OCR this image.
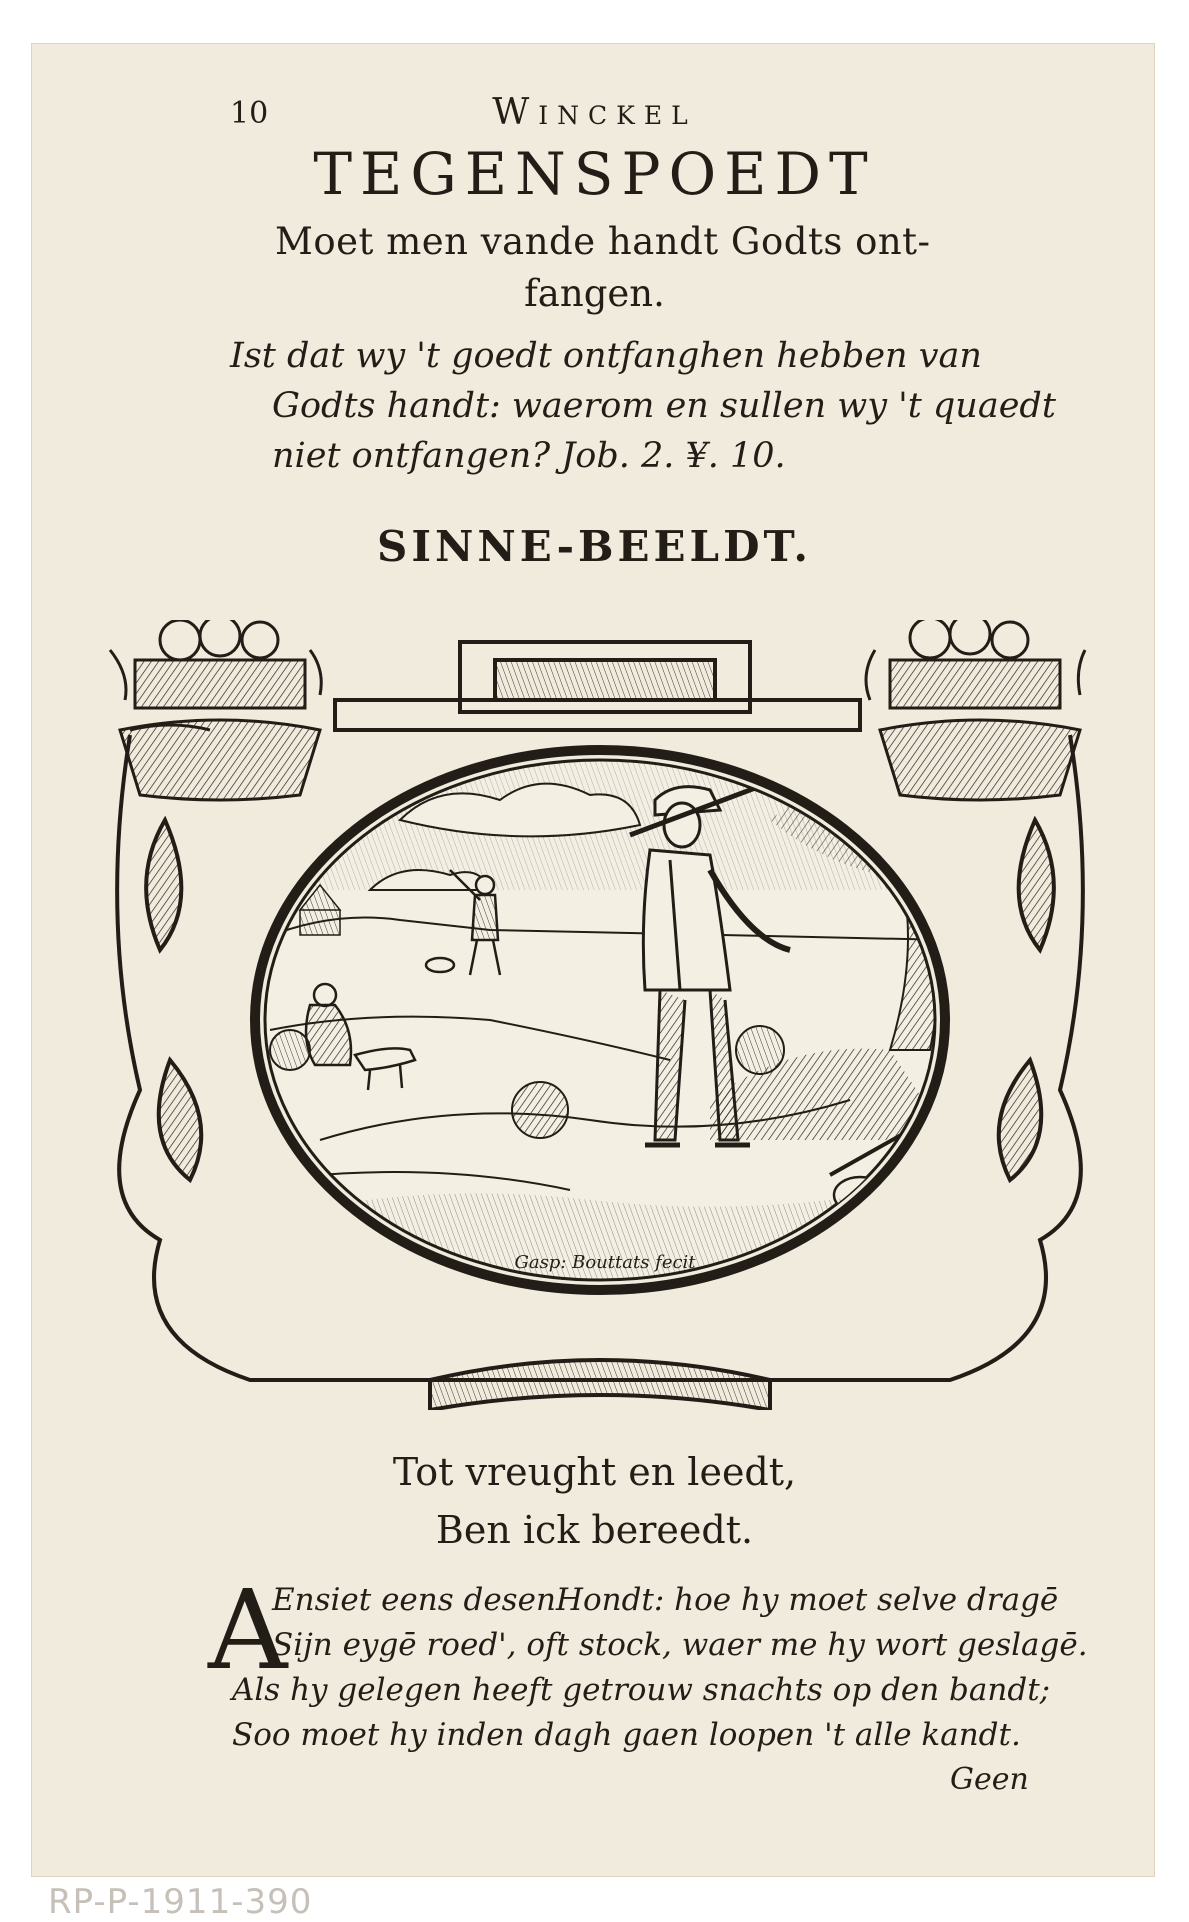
10	Winckel
TEGENSPOEDT
Moet men vande handt Godts ont-
fangen.
Ist dat wy 't goedt ontfanghen hebben van
Godts handt: waerom en sullen wy 't quaedt
niet ontfangen? Job. 2. ¥. 10.
SINNE-BEELDT.
Gasp: Bouttats fecit
Tot vreught en leedt,
Ben ick bereedt.
A
Ensiet eens desenHondt: hoe hy moet selve dragē
Sijn eygē roed', oft stock, waer me hy wort geslagē.
Als hy gelegen heeft getrouw snachts op den bandt;
Soo moet hy inden dagh gaen loopen 't alle kandt.
Geen
RP-P-1911-390
